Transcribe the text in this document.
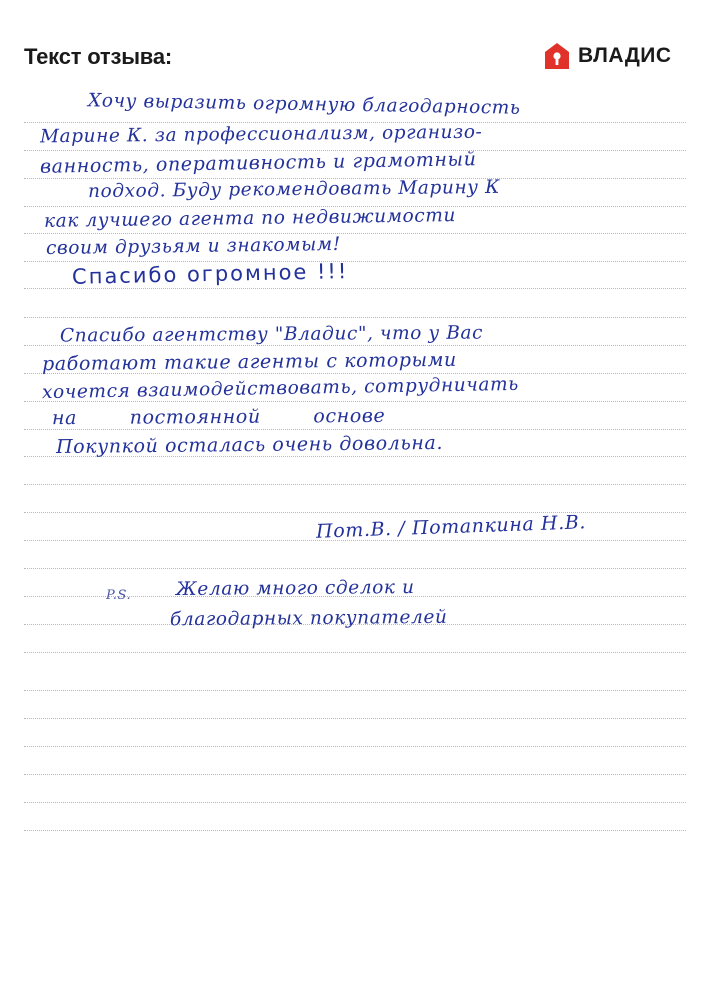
Текст отзыва:	ВЛАДИС

Хочу выразить огромную благодарность

Марине К. за профессионализм, организо-

ванность, оперативность и грамотный

подход. Буду рекомендовать Марину К

как лучшего агента по недвижимости

своим друзьям и знакомым!

Спасибо огромное !!!

Спасибо агентству "Владис", что у Вас

работают такие агенты с которыми

хочется взаимодействовать, сотрудничать

на постоянной основе

Покупкой осталась очень довольна.

Пот.В. / Потапкина Н.В.

P.S. Желаю много сделок и

благодарных покупателей
